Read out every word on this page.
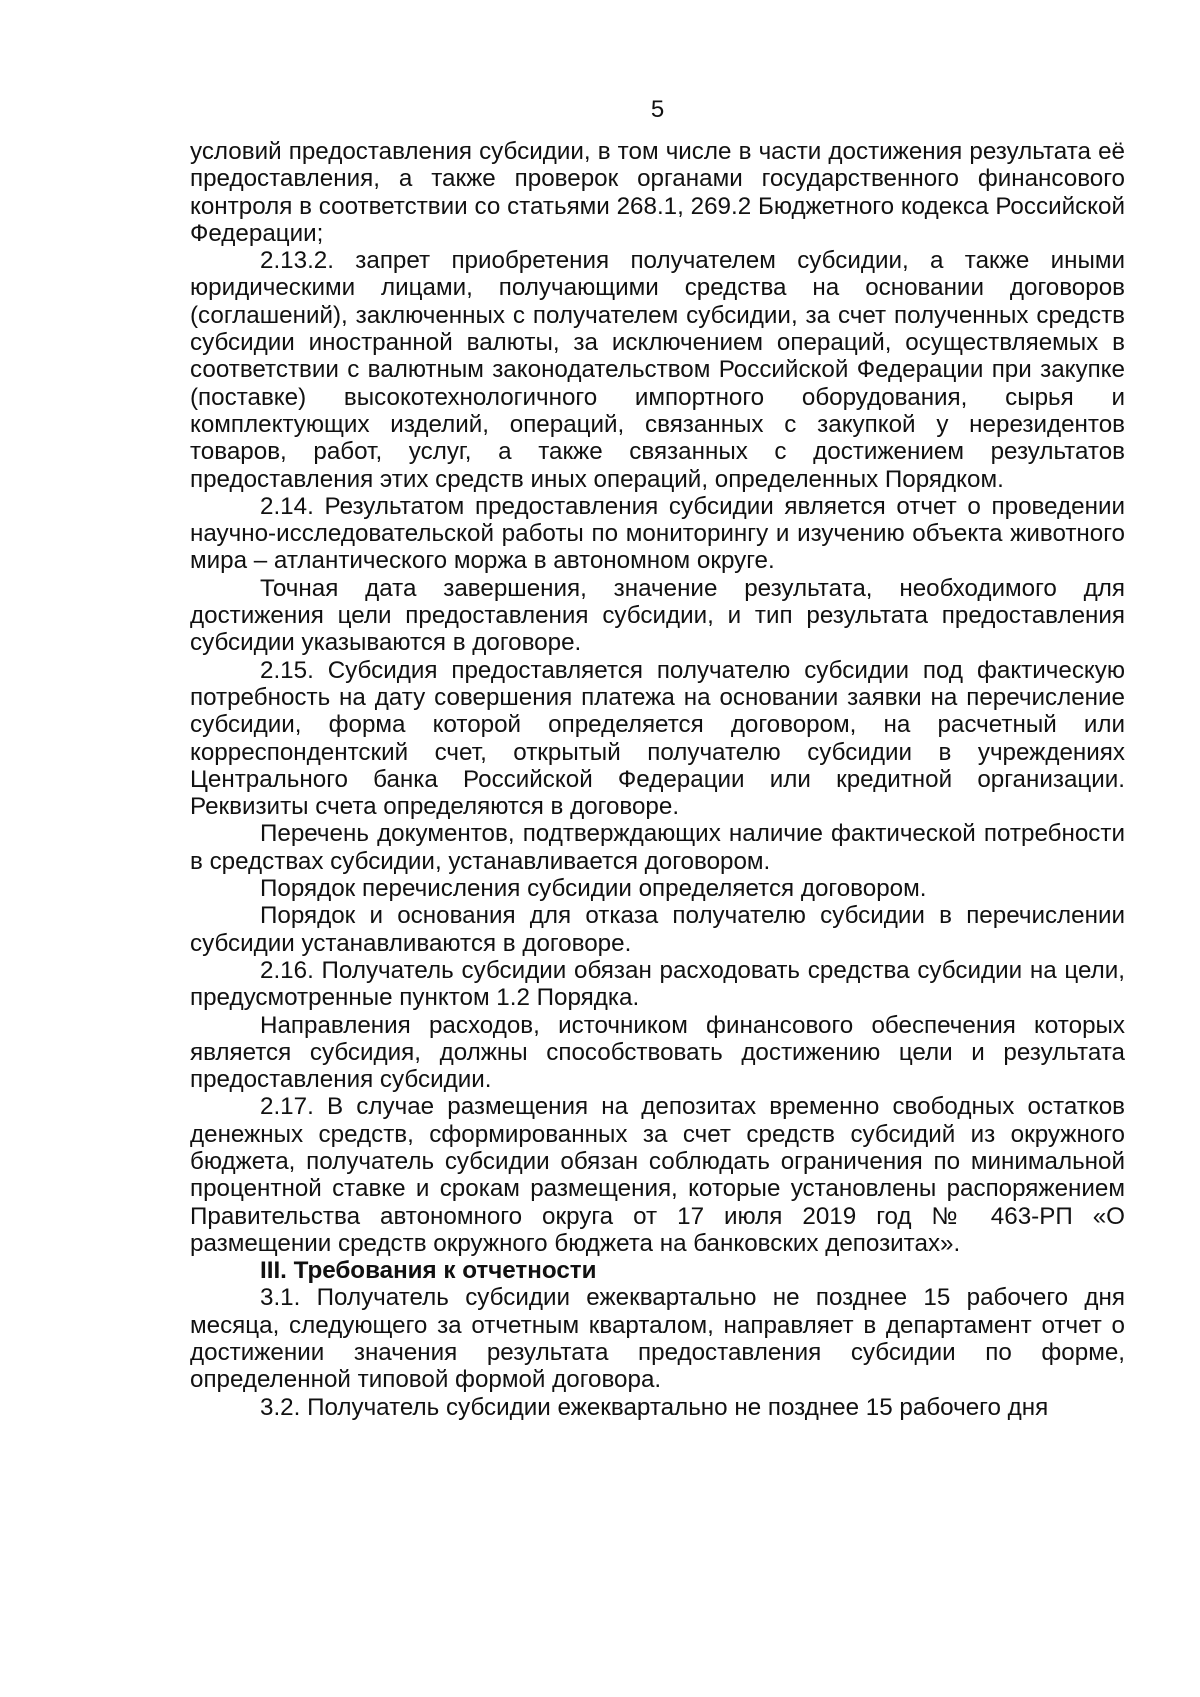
5

условий предоставления субсидии, в том числе в части достижения результата её предоставления, а также проверок органами государственного финансового контроля в соответствии со статьями 268.1, 269.2 Бюджетного кодекса Российской Федерации;

2.13.2. запрет приобретения получателем субсидии, а также иными юридическими лицами, получающими средства на основании договоров (соглашений), заключенных с получателем субсидии, за счет полученных средств субсидии иностранной валюты, за исключением операций, осуществляемых в соответствии с валютным законодательством Российской Федерации при закупке (поставке) высокотехнологичного импортного оборудования, сырья и комплектующих изделий, операций, связанных с закупкой у нерезидентов товаров, работ, услуг, а также связанных с достижением результатов предоставления этих средств иных операций, определенных Порядком.

2.14. Результатом предоставления субсидии является отчет о проведении научно-исследовательской работы по мониторингу и изучению объекта животного мира – атлантического моржа в автономном округе.

Точная дата завершения, значение результата, необходимого для достижения цели предоставления субсидии, и тип результата предоставления субсидии указываются в договоре.

2.15. Субсидия предоставляется получателю субсидии под фактическую потребность на дату совершения платежа на основании заявки на перечисление субсидии, форма которой определяется договором, на расчетный или корреспондентский счет, открытый получателю субсидии в учреждениях Центрального банка Российской Федерации или кредитной организации. Реквизиты счета определяются в договоре.

Перечень документов, подтверждающих наличие фактической потребности в средствах субсидии, устанавливается договором.

Порядок перечисления субсидии определяется договором.

Порядок и основания для отказа получателю субсидии в перечислении субсидии устанавливаются в договоре.

2.16. Получатель субсидии обязан расходовать средства субсидии на цели, предусмотренные пунктом 1.2 Порядка.

Направления расходов, источником финансового обеспечения которых является субсидия, должны способствовать достижению цели и результата предоставления субсидии.

2.17. В случае размещения на депозитах временно свободных остатков денежных средств, сформированных за счет средств субсидий из окружного бюджета, получатель субсидии обязан соблюдать ограничения по минимальной процентной ставке и срокам размещения, которые установлены распоряжением Правительства автономного округа от 17 июля 2019 год № 463-РП «О размещении средств окружного бюджета на банковских депозитах».

III. Требования к отчетности

3.1. Получатель субсидии ежеквартально не позднее 15 рабочего дня месяца, следующего за отчетным кварталом, направляет в департамент отчет о достижении значения результата предоставления субсидии по форме, определенной типовой формой договора.

3.2. Получатель субсидии ежеквартально не позднее 15 рабочего дня
